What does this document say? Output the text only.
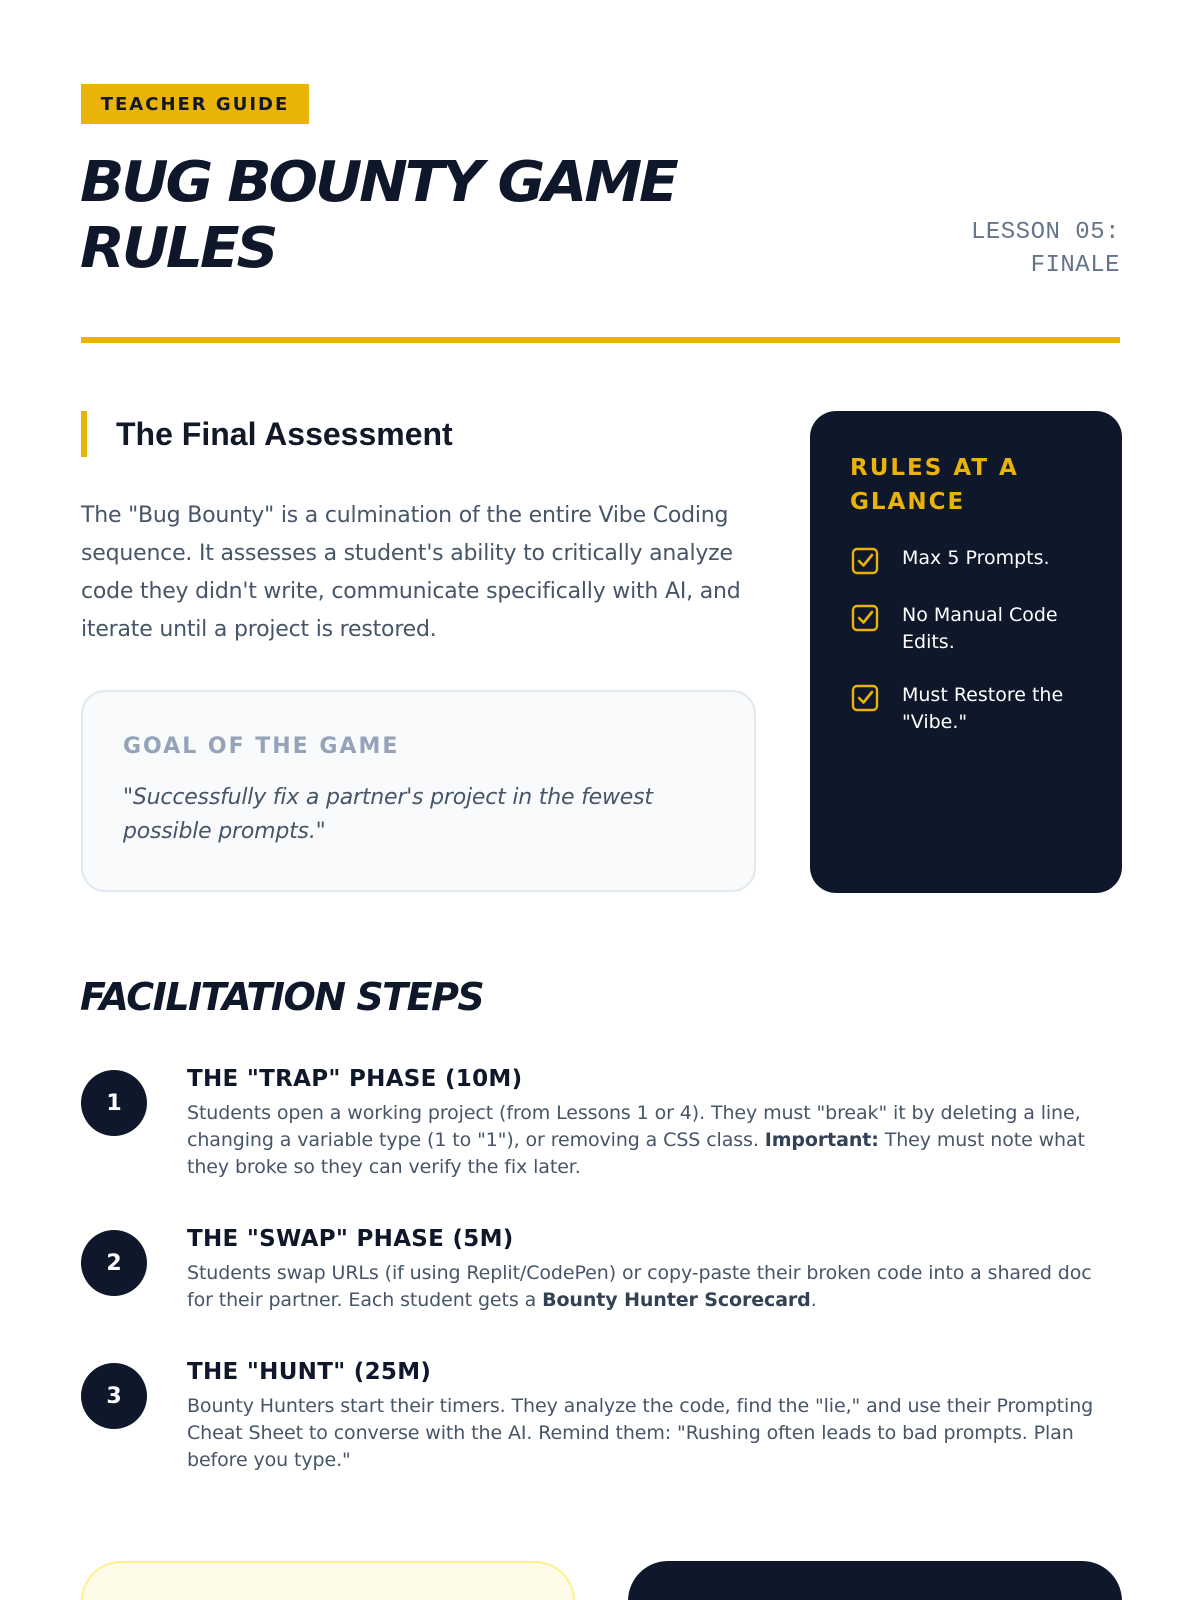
TEACHER GUIDE
BUG BOUNTY GAME RULES	LESSON 05:
FINALE
The Final Assessment

The "Bug Bounty" is a culmination of the entire Vibe Coding sequence. It assesses a student's ability to critically analyze code they didn't write, communicate specifically with AI, and iterate until a project is restored.

GOAL OF THE GAME
"Successfully fix a partner's project in the fewest possible prompts."
RULES AT A GLANCE
Max 5 Prompts.
No Manual Code Edits.
Must Restore the "Vibe."
FACILITATION STEPS
1
THE "TRAP" PHASE (10M)
Students open a working project (from Lessons 1 or 4). They must "break" it by deleting a line, changing a variable type (1 to "1"), or removing a CSS class. Important: They must note what they broke so they can verify the fix later.
2
THE "SWAP" PHASE (5M)
Students swap URLs (if using Replit/CodePen) or copy-paste their broken code into a shared doc for their partner. Each student gets a Bounty Hunter Scorecard.
3
THE "HUNT" (25M)
Bounty Hunters start their timers. They analyze the code, find the "lie," and use their Prompting Cheat Sheet to converse with the AI. Remind them: "Rushing often leads to bad prompts. Plan before you type."
